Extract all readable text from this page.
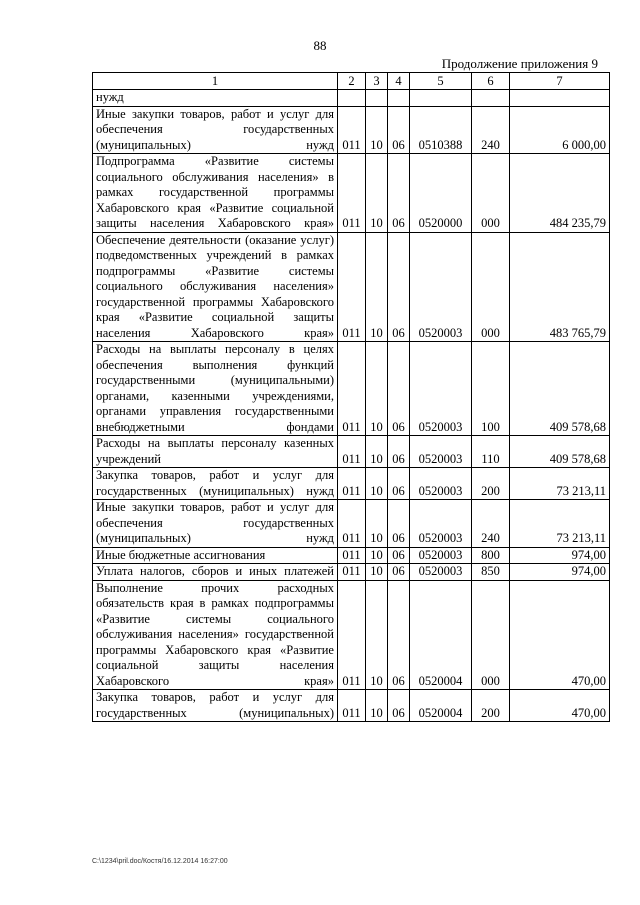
88
Продолжение приложения 9
1	2	3	4	5	6	7
нужд						
Иные закупки товаров, работ и услуг для обеспечения государственных (муниципальных) нужд	011	10	06	0510388	240	6 000,00
Подпрограмма «Развитие системы социального обслуживания населения» в рамках государственной программы Хабаровского края «Развитие социальной защиты населения Хабаровского края»	011	10	06	0520000	000	484 235,79
Обеспечение деятельности (оказание услуг) подведомственных учреждений в рамках подпрограммы «Развитие системы социального обслуживания населения» государственной программы Хабаровского края «Развитие социальной защиты населения Хабаровского края»	011	10	06	0520003	000	483 765,79
Расходы на выплаты персоналу в целях обеспечения выполнения функций государственными (муниципальными) органами, казенными учреждениями, органами управления государственными внебюджетными фондами	011	10	06	0520003	100	409 578,68
Расходы на выплаты персоналу казенных учреждений	011	10	06	0520003	110	409 578,68
Закупка товаров, работ и услуг для государственных (муниципальных) нужд	011	10	06	0520003	200	73 213,11
Иные закупки товаров, работ и услуг для обеспечения государственных (муниципальных) нужд	011	10	06	0520003	240	73 213,11
Иные бюджетные ассигнования	011	10	06	0520003	800	974,00
Уплата налогов, сборов и иных платежей	011	10	06	0520003	850	974,00
Выполнение прочих расходных обязательств края в рамках подпрограммы «Развитие системы социального обслуживания населения» государственной программы Хабаровского края «Развитие социальной защиты населения Хабаровского края»	011	10	06	0520004	000	470,00
Закупка товаров, работ и услуг для государственных (муниципальных)	011	10	06	0520004	200	470,00
C:\1234\pril.doc/Костя/16.12.2014 16:27:00
